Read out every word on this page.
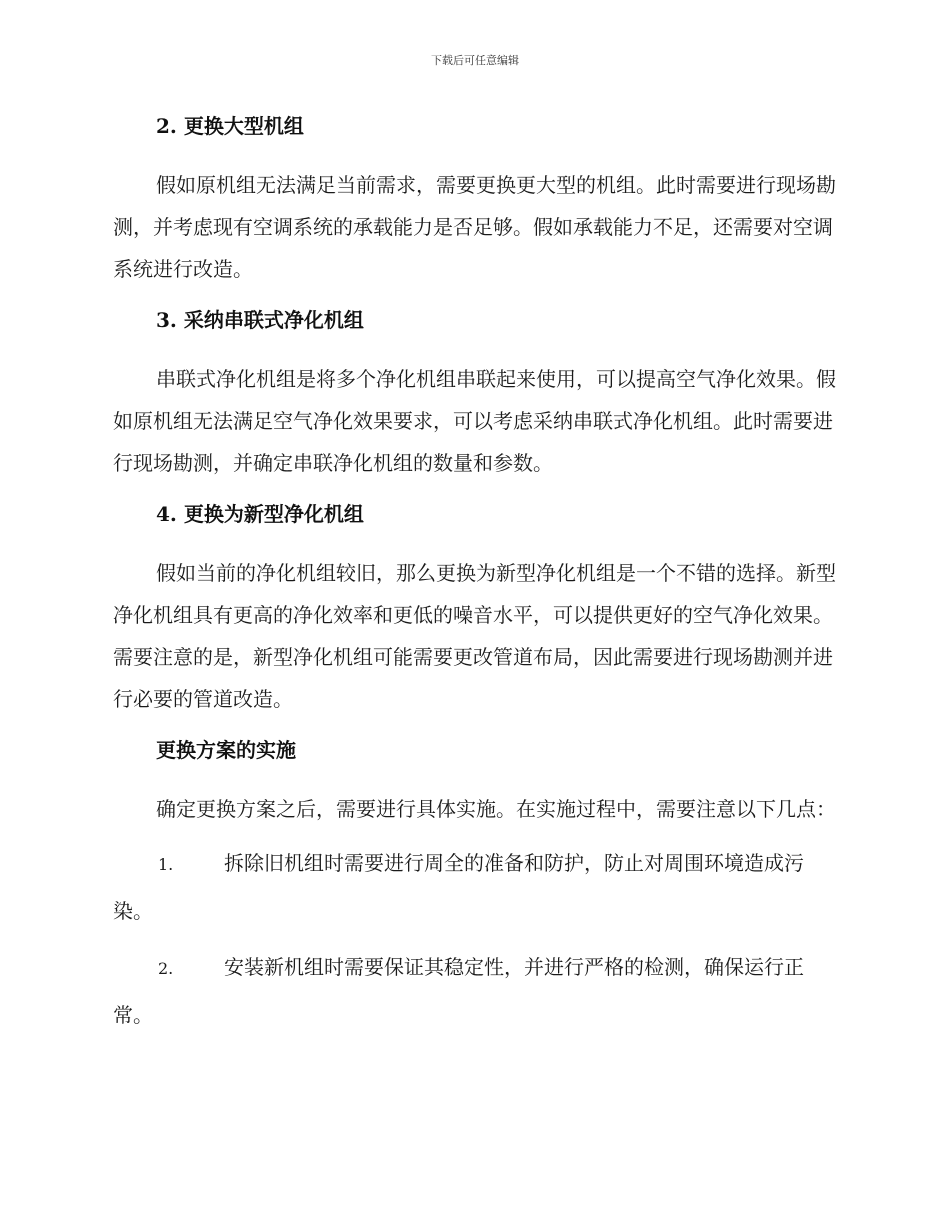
下载后可任意编辑
2. 更换大型机组

假如原机组无法满足当前需求，需要更换更大型的机组。此时需要进行现场勘测，并考虑现有空调系统的承载能力是否足够。假如承载能力不足，还需要对空调系统进行改造。

3. 采纳串联式净化机组

串联式净化机组是将多个净化机组串联起来使用，可以提高空气净化效果。假如原机组无法满足空气净化效果要求，可以考虑采纳串联式净化机组。此时需要进行现场勘测，并确定串联净化机组的数量和参数。

4. 更换为新型净化机组

假如当前的净化机组较旧，那么更换为新型净化机组是一个不错的选择。新型净化机组具有更高的净化效率和更低的噪音水平，可以提供更好的空气净化效果。需要注意的是，新型净化机组可能需要更改管道布局，因此需要进行现场勘测并进行必要的管道改造。

更换方案的实施

确定更换方案之后，需要进行具体实施。在实施过程中，需要注意以下几点：

1.	拆除旧机组时需要进行周全的准备和防护，防止对周围环境造成污染。

2.	安装新机组时需要保证其稳定性，并进行严格的检测，确保运行正常。
